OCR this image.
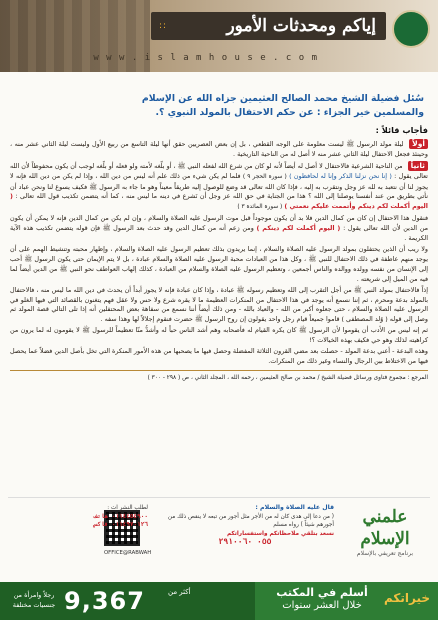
::	إياكم ومحدثات الأمور
w w w . i s l a m h o u s e . c o m
سُئل فضيلة الشيخ محمد الصالح العثيمين جزاه الله عن الإسلام والمسلمين خير الجزاء : عن حكم الاحتفال بالمولد النبوي ؟.
فأجاب قائلاً :
أولاً ليلة مولد الرسول ﷺ ليست معلومة على الوجه القطعي ، بل إن بعض العصريين حقق أنها ليلة التاسع من ربيع الأول وليست ليلة الثاني عشر منه ، وحينئذ فجعل الاحتفال ليلة الثاني عشر منه لا أصل له من الناحية التاريخية .
ثانياً من الناحية الشرعية فالاحتفال لا أصل له أيضاً لأنه لو كان من شرع الله لفعله النبي ﷺ ، أو بلّغه لأمته ولو فعله أو بلّغه لوجب أن يكون محفوظاً لأن الله تعالى يقول : ( إنا نحن نزلنا الذكر وإنا له لحافظون ) ( سورة الحجر ٩ ) فلما لم يكن شيء من ذلك علم أنه ليس من دين الله ، وإذا لم يكن من دين الله فإنه لا يجوز لنا أن نتعبد به لله عز وجل ونتقرب به إليه ، فإذا كان الله تعالى قد وضع للوصول إليه طريقاً معيناً وهو ما جاء به الرسول ﷺ فكيف يسوغ لنا ونحن عباد أن نأتي بطريق من عند أنفسنا يوصلنا إلى الله ؟ هذا من الجناية في حق الله عز وجل أن نَشرع في دينه ما ليس منه ، كما أنه يتضمن تكذيب قول الله تعالى : ( اليوم أكملت لكم دينكم وأتممت عليكم نعمتي ) ( سورة المائدة ٣ )
فنقول هذا الاحتفال إن كان من كمال الدين فلا بد أن يكون موجوداً قبل موت الرسول عليه الصلاة والسلام ، وإن لم يكن من كمال الدين فإنه لا يمكن أن يكون من الدين لأن الله تعالى يقول : ( اليوم أكملت لكم دينكم ) ومن زعم أنه من كمال الدين وقد حدث بعد الرسول ﷺ فإن قوله يتضمن تكذيب هذه الآية الكريمة .
ولا ريب أن الذين يحتفلون بمولد الرسول عليه الصلاة والسلام ، إنما يريدون بذلك تعظيم الرسول عليه الصلاة والسلام ، وإظهار محبته وتنشيط الهمم على أن يوجد منهم عاطفة في ذلك الاحتفال للنبي ﷺ ، وكل هذا من العبادات محبة الرسول عليه الصلاة والسلام عبادة ، بل لا يتم الإيمان حتى يكون الرسول ﷺ أحب إلى الإنسان من نفسه وولده ووالده والناس أجمعين ، وتعظيم الرسول عليه الصلاة والسلام من العبادة ، كذلك إلهاب العواطف نحو النبي ﷺ من الدين أيضاً لما فيه من الميل إلى شريعته .
إذاً فالاحتفال بمولد النبي ﷺ من أجل التقرب إلى الله وتعظيم رسوله ﷺ عبادة ، وإذا كان عبادة فإنه لا يجوز أبداً أن يحدث في دين الله ما ليس منه ، فالاحتفال بالمولد بدعة ومحرم ، ثم إننا نسمع أنه يوجد في هذا الاحتفال من المنكرات العظيمة ما لا يقره شرع ولا حس ولا عقل فهم يتغنون بالقصائد التي فيها الغلو في الرسول عليه الصلاة والسلام ، حتى جعلوه أكبر من الله - والعياذ بالله - ومن ذلك أيضاً أننا نسمع من سفاهة بعض المحتفلين أنه إذا تلى التالي قصة المولد ثم وصل إلى قوله ( وُلد المصطفى ) قاموا جميعاً قيام رجل واحد يقولون إن روح الرسول ﷺ حضرت فنقوم إجلالاً لها وهذا سفه .
ثم إنه ليس من الأدب أن يقوموا لأن الرسول ﷺ كان يكره القيام له فأصحابه وهم أشد الناس حباً له وأشدُّ منّا تعظيماً للرسول ﷺ لا يقومون له لما يرون من كراهيته لذلك وهو حي فكيف بهذه الخيالات ؟!
وهذه البدعة - أعني بدعة المولد - حصلت بعد مضي القرون الثلاثة المفضلة وحصل فيها ما يصحبها من هذه الأمور المنكرة التي تخل بأصل الدين فضلاً عما يحصل فيها من الاختلاط بين الرجال والنساء وغير ذلك من المنكرات.
المرجع : مجموع فتاوى ورسائل فضيلة الشيخ / محمد بن صالح العثيمين ، رحمه الله ، المجلد الثاني ، ص ( ٢٩٨ - ٣٠٠ )
علمني الإسلام
برنامج تعريفي بالإسلام
قال عليه الصلاة والسلام :
( من دعا إلى هدى كان له من الأجر مثل أجور من تبعه لا ينقص ذلك من أجورهم شيئاً ) رواه مسلم
نسعد بتلقي ملاحظاتكم واستفساراتكم
٠٥٥ ٢٩١٠٠٦٠
OFFICE@RABWAH
لطلب النشر ات :
٠١١٤٤٥٤٩٠٠ هاتف
٠١١٤٩٧٠١٢٦ فاكس
رجلاً وامرأة من جنسيات مختلفة 9,367	أكثر من	أسلم في المكتب
خلال العشر سنوات
خيراتكم
